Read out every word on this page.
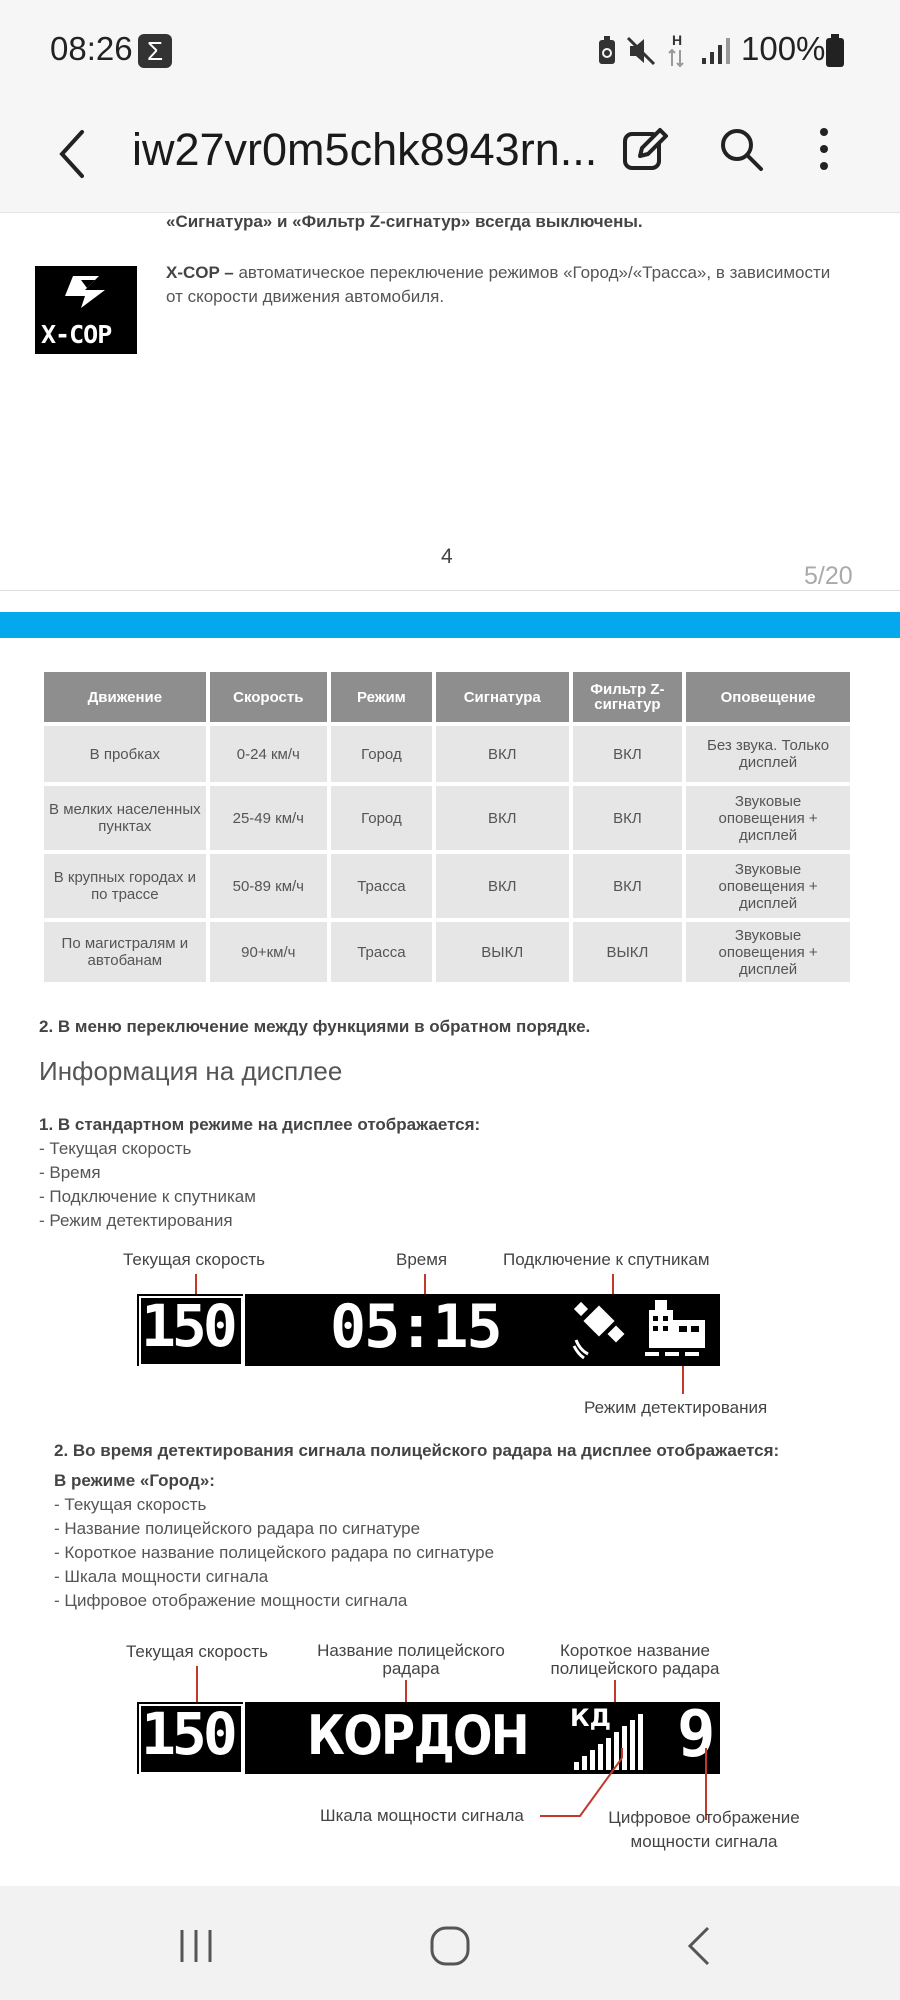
08:26 Σ	H 100%
iw27vr0m5chk8943rn...
«Сигнатура» и «Фильтр Z-сигнатур» всегда выключены.
X-COP
X-COP – автоматическое переключение режимов «Город»/«Трасса», в зависимости
от скорости движения автомобиля.
4
5/20
Движение	Скорость	Режим	Сигнатура	Фильтр Z-сигнатур	Оповещение
В пробках	0-24 км/ч	Город	ВКЛ	ВКЛ	Без звука. Только дисплей
В мелких населенных пунктах	25-49 км/ч	Город	ВКЛ	ВКЛ	Звуковые оповещения + дисплей
В крупных городах и по трассе	50-89 км/ч	Трасса	ВКЛ	ВКЛ	Звуковые оповещения + дисплей
По магистралям и автобанам	90+км/ч	Трасса	ВЫКЛ	ВЫКЛ	Звуковые оповещения + дисплей
2. В меню переключение между функциями в обратном порядке.
Информация на дисплее
1. В стандартном режиме на дисплее отображается:
- Текущая скорость
- Время
- Подключение к спутникам
- Режим детектирования
Текущая скорость	Время	Подключение к спутникам
150 05:15
Режим детектирования
2. Во время детектирования сигнала полицейского радара на дисплее отображается:
В режиме «Город»:
- Текущая скорость
- Название полицейского радара по сигнатуре
- Короткое название полицейского радара по сигнатуре
- Шкала мощности сигнала
- Цифровое отображение мощности сигнала
Текущая скорость	Название полицейского
радара
Короткое название
полицейского радара
150 КОРДОН КД 9
Шкала мощности сигнала	Цифровое отображение
мощности сигнала
